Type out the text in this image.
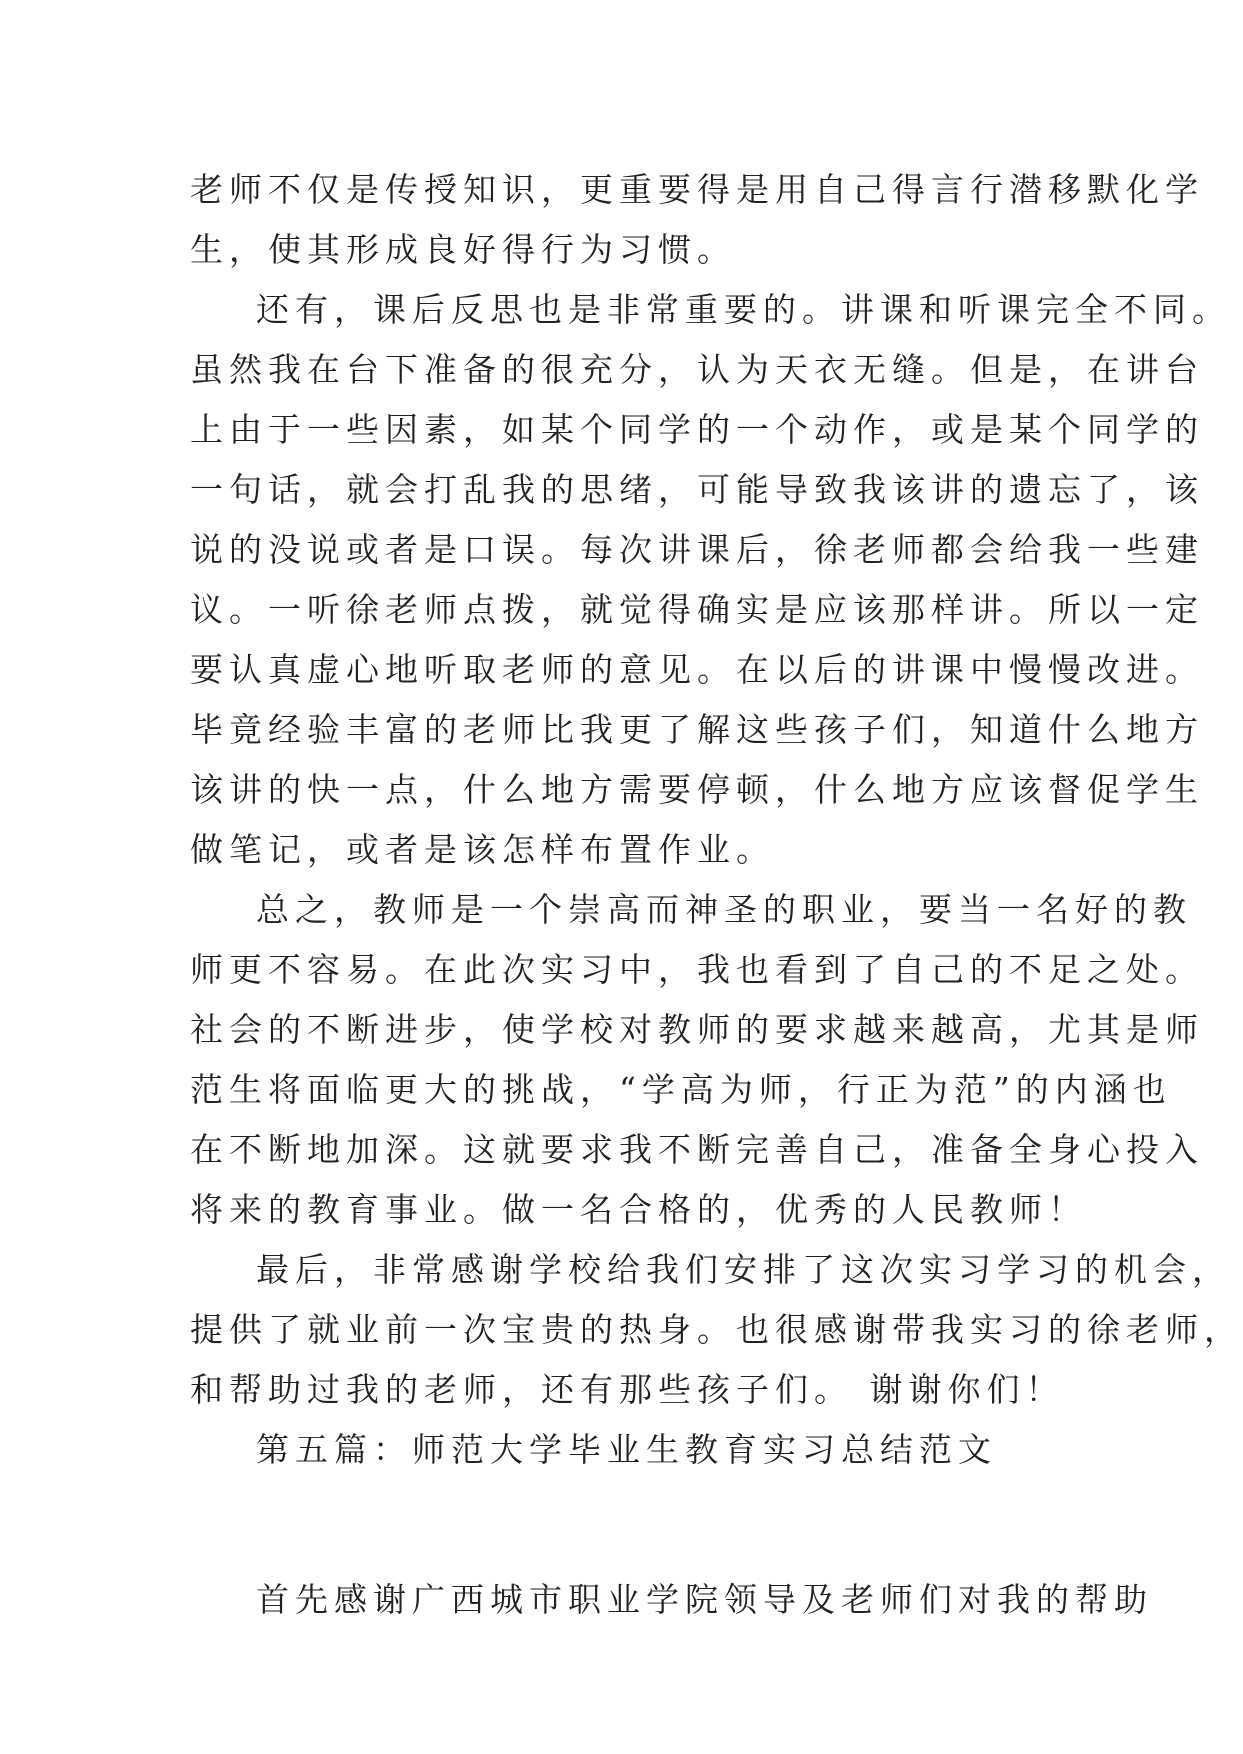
老师不仅是传授知识，更重要得是用自己得言行潜移默化学
生，使其形成良好得行为习惯。
还有，课后反思也是非常重要的。讲课和听课完全不同。
虽然我在台下准备的很充分，认为天衣无缝。但是，在讲台
上由于一些因素，如某个同学的一个动作，或是某个同学的
一句话，就会打乱我的思绪，可能导致我该讲的遗忘了，该
说的没说或者是口误。每次讲课后，徐老师都会给我一些建
议。一听徐老师点拨，就觉得确实是应该那样讲。所以一定
要认真虚心地听取老师的意见。在以后的讲课中慢慢改进。
毕竟经验丰富的老师比我更了解这些孩子们，知道什么地方
该讲的快一点，什么地方需要停顿，什么地方应该督促学生
做笔记，或者是该怎样布置作业。
总之，教师是一个崇高而神圣的职业，要当一名好的教
师更不容易。在此次实习中，我也看到了自己的不足之处。
社会的不断进步，使学校对教师的要求越来越高，尤其是师
范生将面临更大的挑战，“学高为师，行正为范”的内涵也
在不断地加深。这就要求我不断完善自己，准备全身心投入
将来的教育事业。做一名合格的，优秀的人民教师！
最后，非常感谢学校给我们安排了这次实习学习的机会，
提供了就业前一次宝贵的热身。也很感谢带我实习的徐老师，
和帮助过我的老师，还有那些孩子们。 谢谢你们！
第五篇：师范大学毕业生教育实习总结范文
首先感谢广西城市职业学院领导及老师们对我的帮助
